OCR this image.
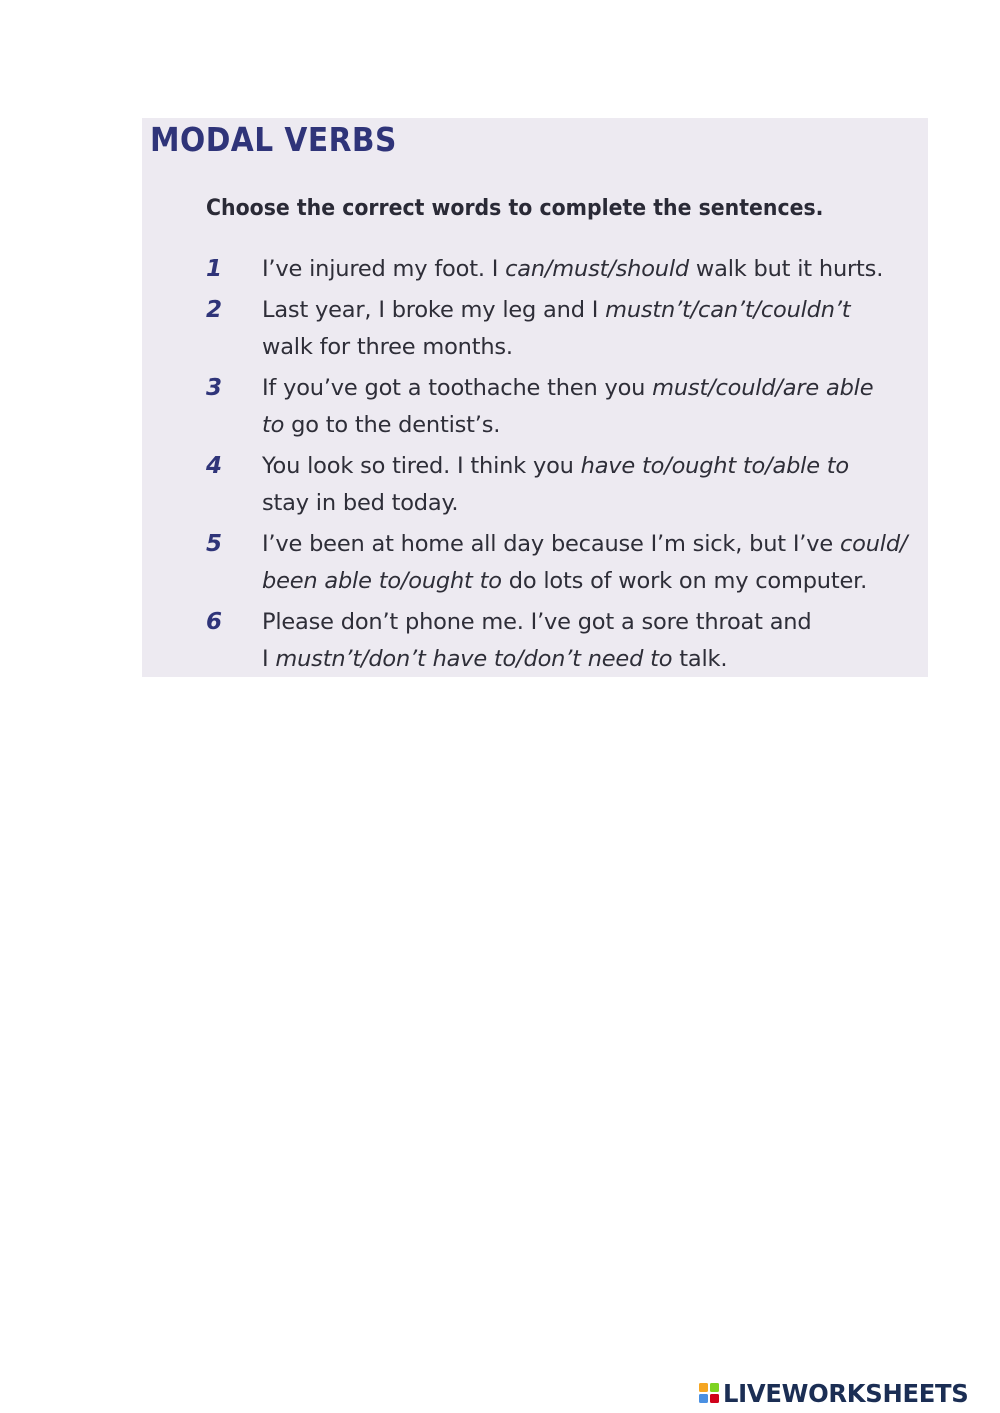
MODAL VERBS

Choose the correct words to complete the sentences.

1 I’ve injured my foot. I can/must/should walk but it hurts.
2 Last year, I broke my leg and I mustn’t/can’t/couldn’t
walk for three months.
3 If you’ve got a toothache then you must/could/are able
to go to the dentist’s.
4 You look so tired. I think you have to/ought to/able to
stay in bed today.
5 I’ve been at home all day because I’m sick, but I’ve could/
been able to/ought to do lots of work on my computer.
6 Please don’t phone me. I’ve got a sore throat and
I mustn’t/don’t have to/don’t need to talk.
LIVEWORKSHEETS
